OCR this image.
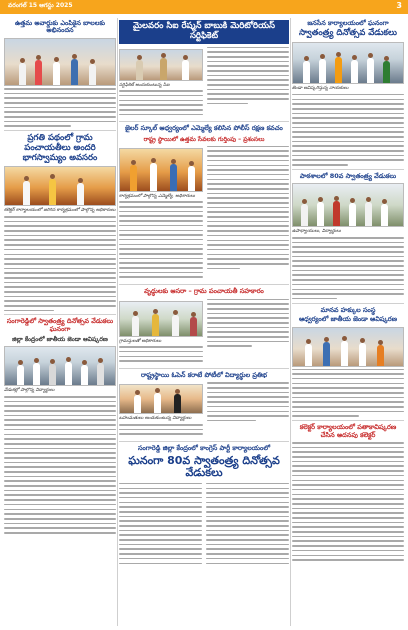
వరంగల్ 15 ఆగస్టు 2025	3
ఉత్తమ అవార్డుకు ఎంపికైన బాలలకు అభినందన
ప్రగతి పథంలో గ్రామ పంచాయతీలు అందరి భాగస్వామ్యం అవసరం
కలెక్టర్ కార్యాలయంలో జరిగిన కార్యక్రమంలో పాల్గొన్న అధికారులు
సంగారెడ్డిలో స్వాతంత్ర్య దినోత్సవ వేడుకలు ఘనంగా
జిల్లా కేంద్రంలో జాతీయ జెండా ఆవిష్కరణ
వేడుకల్లో పాల్గొన్న విద్యార్థులు
మైలవరం సిఐ రేష్మన్ బాబుకి మెరిటోరియస్ సర్టిఫికెట్
సర్టిఫికెట్ అందుకుంటున్న సిఐ
జైలర్ స్కూల్ ఆధ్వర్యంలో ఎమ్మెల్యే కలిసిన పోలీస్ రక్షణ కవచం
రాష్ట్ర స్థాయిలో ఉత్తమ సేవలకు గుర్తింపు – ప్రశంసలు
కార్యక్రమంలో పాల్గొన్న ఎమ్మెల్యే, అధికారులు
వృద్ధులకు ఆసరా – గ్రామ పంచాయతీ సహకారం
గ్రామస్తులతో అధికారులు
రాష్ట్రస్థాయి ఓపెన్ కరాటే పోటీలో విద్యార్థుల ప్రతిభ
బహుమతులు అందుకుంటున్న విద్యార్థులు
సంగారెడ్డి జిల్లా కేంద్రంలో కాంగ్రెస్ పార్టీ కార్యాలయంలో
ఘనంగా 80వ స్వాతంత్ర్య దినోత్సవ వేడుకలు
జనసేన కార్యాలయంలో ఘనంగా
స్వాతంత్ర్య దినోత్సవ వేడుకలు
జెండా ఆవిష్కరిస్తున్న నాయకులు
పాఠశాలలో 80వ స్వాతంత్ర్య వేడుకలు
ఉపాధ్యాయులు, విద్యార్థులు
మానవ హక్కుల సంస్థ
ఆధ్వర్యంలో జాతీయ జెండా ఆవిష్కరణ
కలెక్టర్ కార్యాలయంలో పతాకావిష్కరణ చేసిన అదనపు కలెక్టర్
